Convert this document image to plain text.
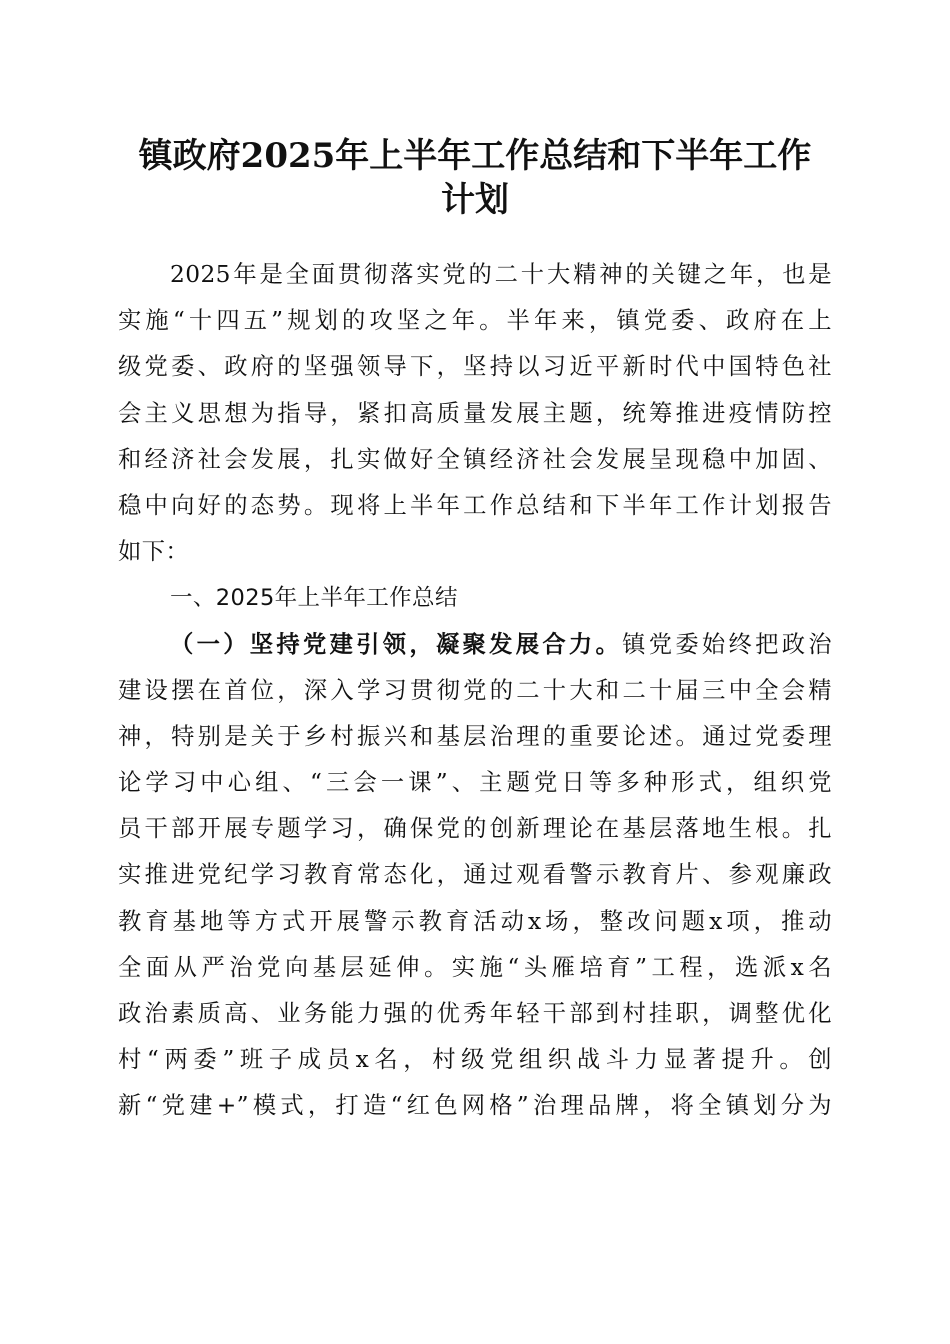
镇政府2025年上半年工作总结和下半年工作
计划
2025年是全面贯彻落实党的二十大精神的关键之年，也是
实施“十四五”规划的攻坚之年。半年来，镇党委、政府在上
级党委、政府的坚强领导下，坚持以习近平新时代中国特色社
会主义思想为指导，紧扣高质量发展主题，统筹推进疫情防控
和经济社会发展，扎实做好全镇经济社会发展呈现稳中加固、
稳中向好的态势。现将上半年工作总结和下半年工作计划报告
如下：
一、2025年上半年工作总结
（一）坚持党建引领，凝聚发展合力。镇党委始终把政治
建设摆在首位，深入学习贯彻党的二十大和二十届三中全会精
神，特别是关于乡村振兴和基层治理的重要论述。通过党委理
论学习中心组、“三会一课”、主题党日等多种形式，组织党
员干部开展专题学习，确保党的创新理论在基层落地生根。扎
实推进党纪学习教育常态化，通过观看警示教育片、参观廉政
教育基地等方式开展警示教育活动x场，整改问题x项，推动
全面从严治党向基层延伸。实施“头雁培育”工程，选派x名
政治素质高、业务能力强的优秀年轻干部到村挂职，调整优化
村“两委”班子成员x名，村级党组织战斗力显著提升。创
新“党建+”模式，打造“红色网格”治理品牌，将全镇划分为
